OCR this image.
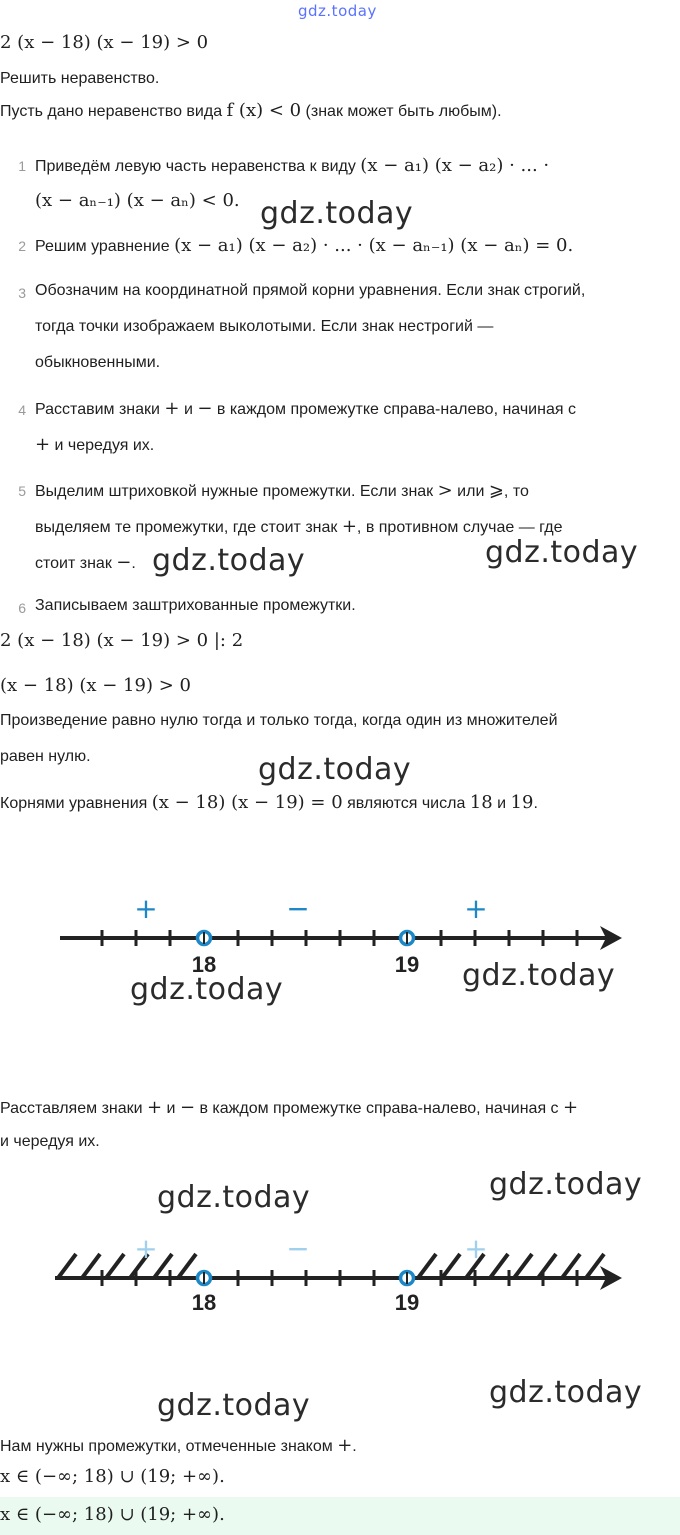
gdz.today
2 (x − 18) (x − 19) > 0
Решить неравенство.
Пусть дано неравенство вида f (x) < 0 (знак может быть любым).
1 Приведём левую часть неравенства к виду (x − a₁) (x − a₂) · ... ·
(x − aₙ₋₁) (x − aₙ) < 0. gdz.today
2 Решим уравнение (x − a₁) (x − a₂) · ... · (x − aₙ₋₁) (x − aₙ) = 0.
3 Обозначим на координатной прямой корни уравнения. Если знак строгий,
тогда точки изображаем выколотыми. Если знак нестрогий —
обыкновенными.
4 Расставим знаки + и − в каждом промежутке справа-налево, начиная с
+ и чередуя их.
5 Выделим штриховкой нужные промежутки. Если знак > или ⩾, то
выделяем те промежутки, где стоит знак +, в противном случае — где
стоит знак −. gdz.today	gdz.today
6 Записываем заштрихованные промежутки.
2 (x − 18) (x − 19) > 0 |: 2
(x − 18) (x − 19) > 0
Произведение равно нулю тогда и только тогда, когда один из множителей
равен нулю.	gdz.today
Корнями уравнения (x − 18) (x − 19) = 0 являются числа 18 и 19.
18	19
+	−	+
gdz.today	gdz.today
Расставляем знаки + и − в каждом промежутке справа-налево, начиная с +
и чередуя их.
gdz.today	gdz.today
18	19
+	−	+
gdz.today	gdz.today
Нам нужны промежутки, отмеченные знаком +.
x ∈ (−∞; 18) ∪ (19; +∞).
x ∈ (−∞; 18) ∪ (19; +∞).
